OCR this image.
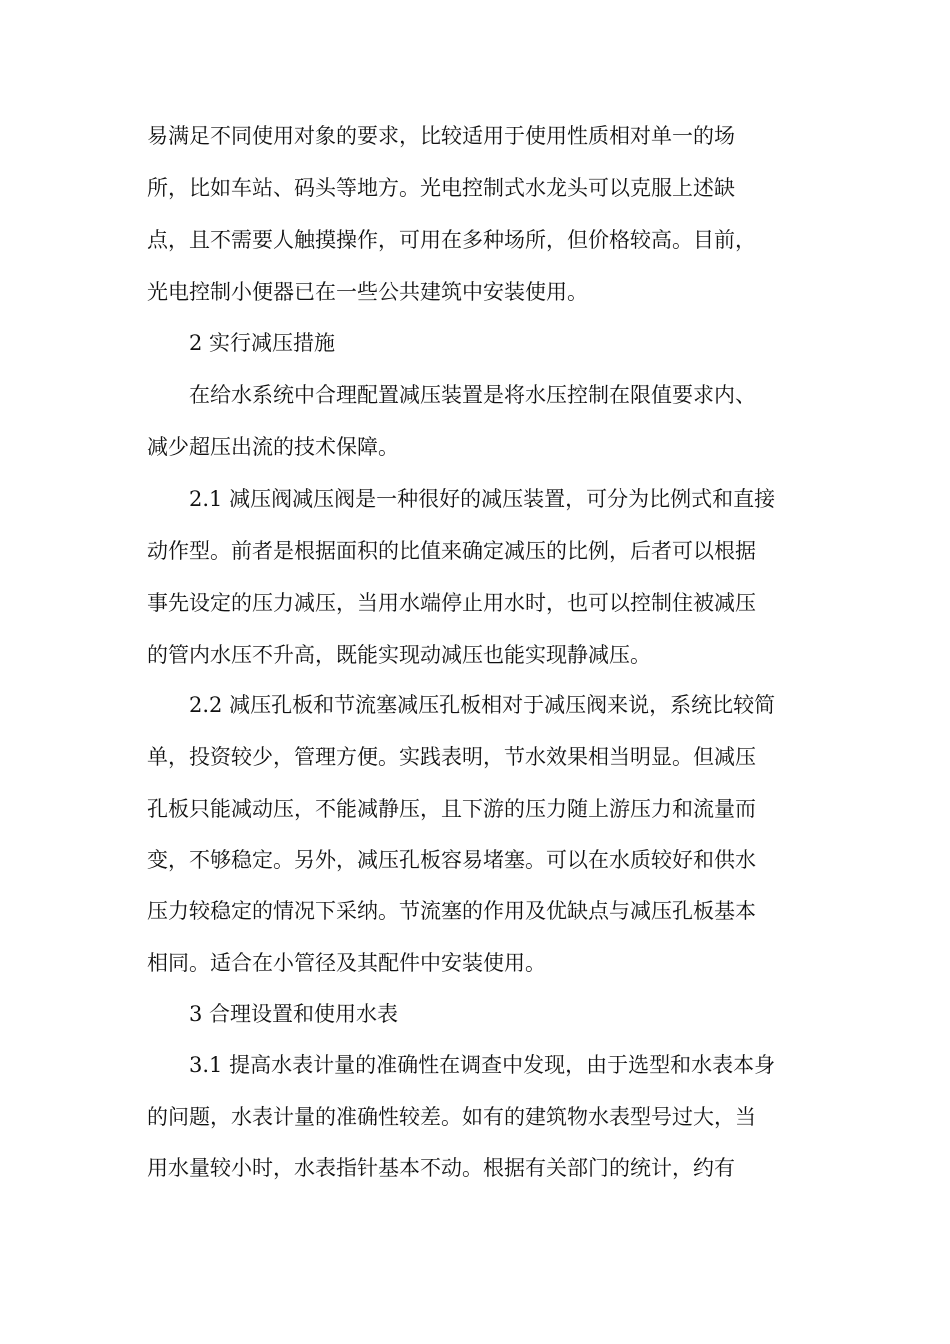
易满足不同使用对象的要求，比较适用于使用性质相对单一的场
所，比如车站、码头等地方。光电控制式水龙头可以克服上述缺
点，且不需要人触摸操作，可用在多种场所，但价格较高。目前，
光电控制小便器已在一些公共建筑中安装使用。
2 实行减压措施
在给水系统中合理配置减压装置是将水压控制在限值要求内、
减少超压出流的技术保障。
2.1 减压阀减压阀是一种很好的减压装置，可分为比例式和直接
动作型。前者是根据面积的比值来确定减压的比例，后者可以根据
事先设定的压力减压，当用水端停止用水时，也可以控制住被减压
的管内水压不升高，既能实现动减压也能实现静减压。
2.2 减压孔板和节流塞减压孔板相对于减压阀来说，系统比较简
单，投资较少，管理方便。实践表明，节水效果相当明显。但减压
孔板只能减动压，不能减静压，且下游的压力随上游压力和流量而
变，不够稳定。另外，减压孔板容易堵塞。可以在水质较好和供水
压力较稳定的情况下采纳。节流塞的作用及优缺点与减压孔板基本
相同。适合在小管径及其配件中安装使用。
3 合理设置和使用水表
3.1 提高水表计量的准确性在调查中发现，由于选型和水表本身
的问题，水表计量的准确性较差。如有的建筑物水表型号过大，当
用水量较小时，水表指针基本不动。根据有关部门的统计，约有
